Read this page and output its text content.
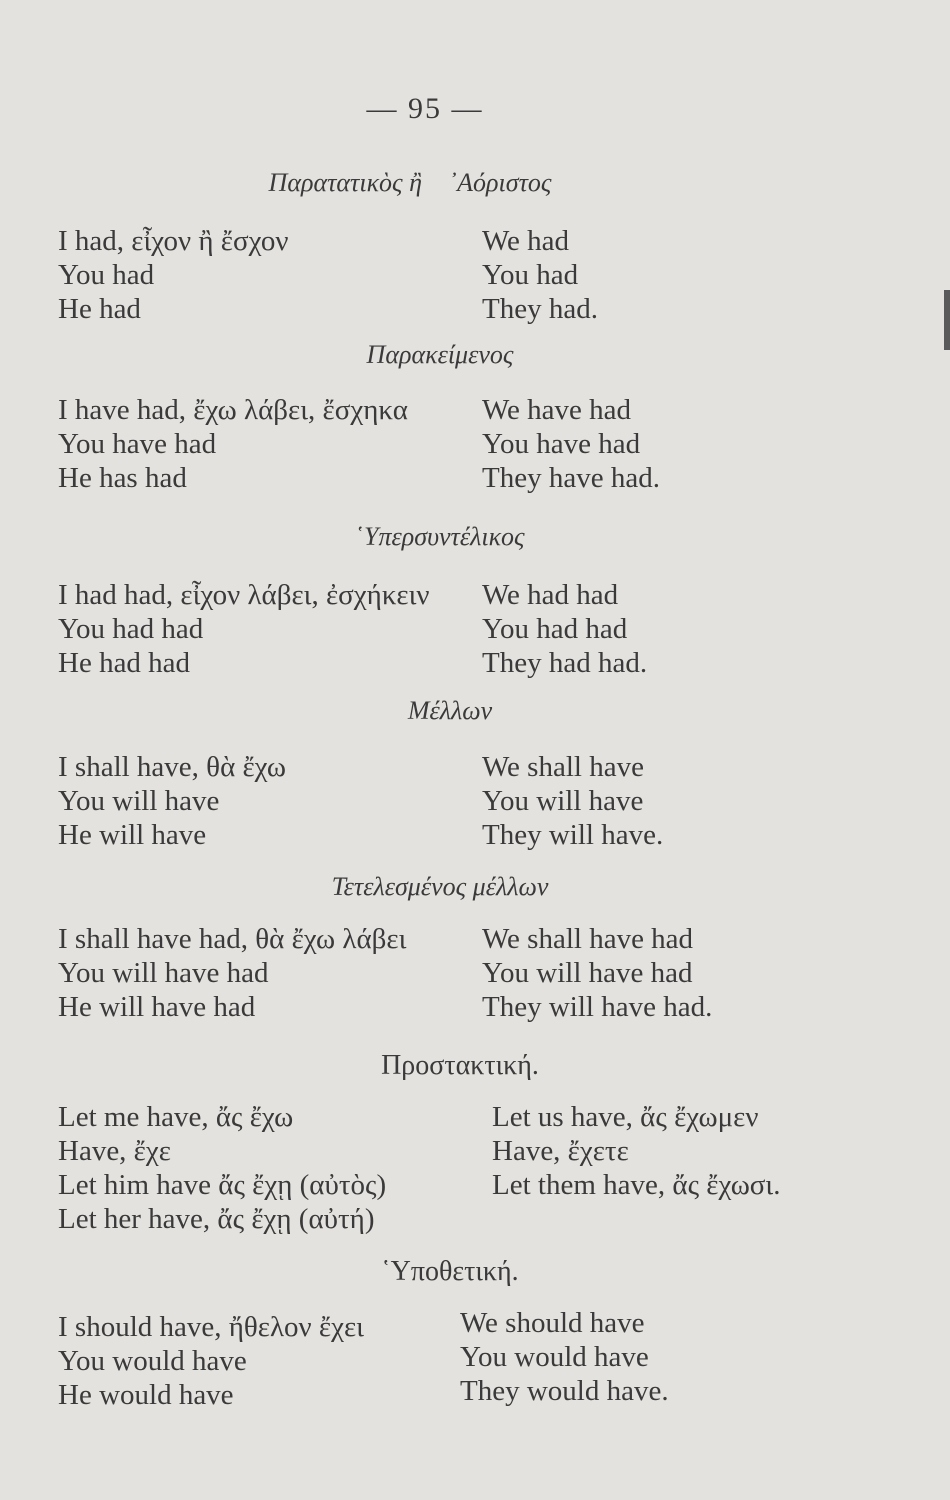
— 95 —
Παρατατικὸς ἢ ᾿Αόριστος
I had, εἶχον ἢ ἔσχον
You had
He had
We had
You had
They had.
Παρακείμενος
I have had, ἔχω λάβει, ἔσχηκα
You have had
He has had
We have had
You have had
They have had.
῾Υπερσυντέλικος
I had had, εἶχον λάβει, ἐσχήκειν
You had had
He had had
We had had
You had had
They had had.
Μέλλων
I shall have, θὰ ἔχω
You will have
He will have
We shall have
You will have
They will have.
Τετελεσμένος μέλλων
I shall have had, θὰ ἔχω λάβει
You will have had
He will have had
We shall have had
You will have had
They will have had.
Προστακτική.
Let me have, ἄς ἔχω
Have, ἔχε
Let him have ἄς ἔχῃ (αὐτὸς)
Let her have, ἄς ἔχῃ (αὐτή)
Let us have, ἄς ἔχωμεν
Have, ἔχετε
Let them have, ἄς ἔχωσι.
῾Υποθετική.
I should have, ἤθελον ἔχει
You would have
He would have
We should have
You would have
They would have.
